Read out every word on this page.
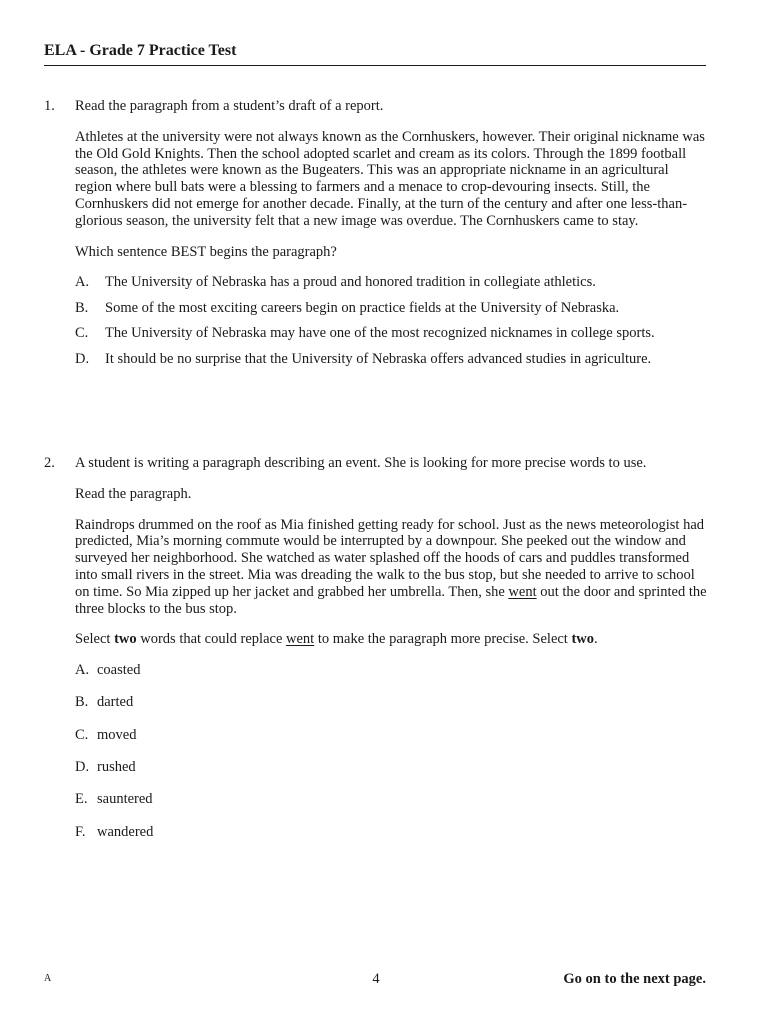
ELA - Grade 7 Practice Test
1. Read the paragraph from a student’s draft of a report.

Athletes at the university were not always known as the Cornhuskers, however. Their original nickname was the Old Gold Knights. Then the school adopted scarlet and cream as its colors. Through the 1899 football season, the athletes were known as the Bugeaters. This was an appropriate nickname in an agricultural region where bull bats were a blessing to farmers and a menace to crop-devouring insects. Still, the Cornhuskers did not emerge for another decade. Finally, at the turn of the century and after one less-than-glorious season, the university felt that a new image was overdue. The Cornhuskers came to stay.

Which sentence BEST begins the paragraph?

A.	The University of Nebraska has a proud and honored tradition in collegiate athletics.
B.	Some of the most exciting careers begin on practice fields at the University of Nebraska.
C.	The University of Nebraska may have one of the most recognized nicknames in college sports.
D.	It should be no surprise that the University of Nebraska offers advanced studies in agriculture.
2. A student is writing a paragraph describing an event. She is looking for more precise words to use.

Read the paragraph.

Raindrops drummed on the roof as Mia finished getting ready for school. Just as the news meteorologist had predicted, Mia’s morning commute would be interrupted by a downpour. She peeked out the window and surveyed her neighborhood. She watched as water splashed off the hoods of cars and puddles transformed into small rivers in the street. Mia was dreading the walk to the bus stop, but she needed to arrive to school on time. So Mia zipped up her jacket and grabbed her umbrella. Then, she went out the door and sprinted the three blocks to the bus stop.

Select two words that could replace went to make the paragraph more precise. Select two.

A. coasted
B. darted
C. moved
D. rushed
E. sauntered
F. wandered
A	4	Go on to the next page.
